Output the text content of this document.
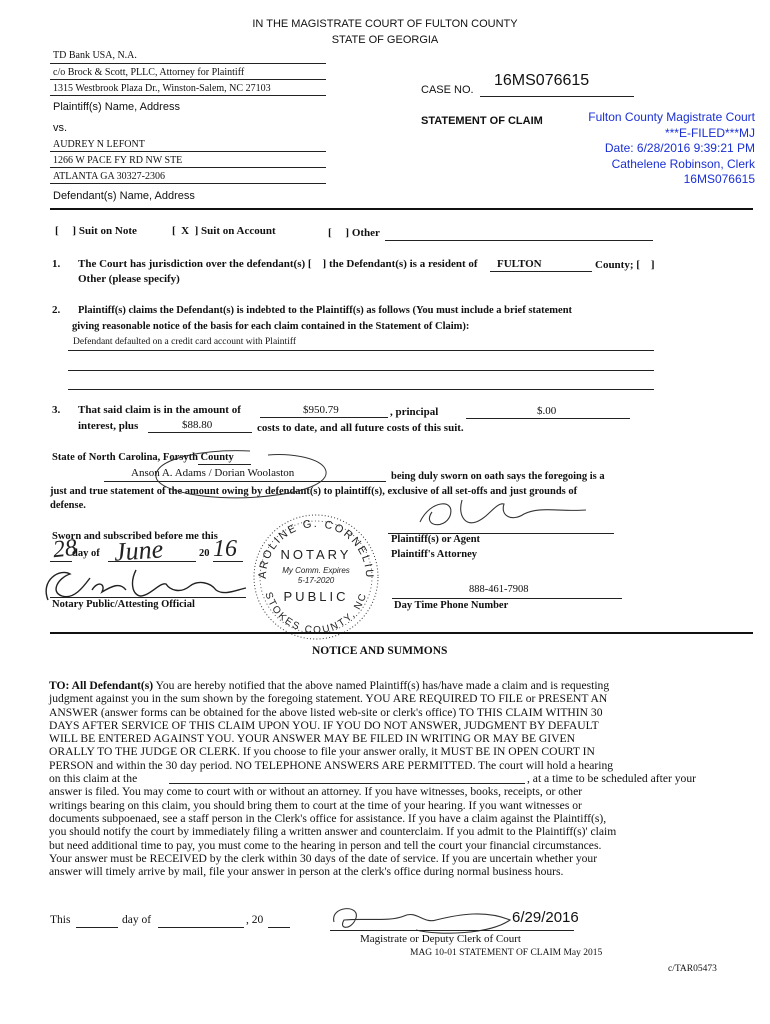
IN THE MAGISTRATE COURT OF FULTON COUNTY
STATE OF GEORGIA
TD Bank USA, N.A.
c/o Brock & Scott, PLLC, Attorney for Plaintiff
1315 Westbrook Plaza Dr., Winston-Salem, NC 27103
Plaintiff(s) Name, Address
vs.
AUDREY N LEFONT
1266 W PACE FY RD NW STE
ATLANTA GA 30327-2306
Defendant(s) Name, Address
CASE NO.
16MS076615
STATEMENT OF CLAIM	Fulton County Magistrate Court
***E-FILED***MJ
Date: 6/28/2016 9:39:21 PM
Cathelene Robinson, Clerk
16MS076615
[     ] Suit on Note	[  X  ] Suit on Account	[     ] Other
1. The Court has jurisdiction over the defendant(s) [    ] the Defendant(s) is a resident of FULTON	County; [    ]
Other (please specify)
2. Plaintiff(s) claims the Defendant(s) is indebted to the Plaintiff(s) as follows (You must include a brief statement
giving reasonable notice of the basis for each claim contained in the Statement of Claim):
Defendant defaulted on a credit card account with Plaintiff
3. That said claim is in the amount of	$950.79	, principal	$.00
interest, plus	$88.80	costs to date, and all future costs of this suit.
State of North Carolina, Forsyth County
Anson A. Adams / Dorian Woolaston	being duly sworn on oath says the foregoing is a
just and true statement of the amount owing by defendant(s) to plaintiff(s), exclusive of all set-offs and just grounds of
defense.
Sworn and subscribed before me this
day of	20
Notary Public/Attesting Official
28 June 16	Plaintiff(s) or Agent
Plaintiff's Attorney
888-461-7908
Day Time Phone Number
AROLINE G. CORNELIU
STOKES COUNTY, NC
NOTARY
My Comm. Expires
5-17-2020
PUBLIC
NOTICE AND SUMMONS

TO: All Defendant(s) You are hereby notified that the above named Plaintiff(s) has/have made a claim and is requesting

judgment against you in the sum shown by the foregoing statement. YOU ARE REQUIRED TO FILE or PRESENT AN

ANSWER (answer forms can be obtained for the above listed web-site or clerk's office) TO THIS CLAIM WITHIN 30

DAYS AFTER SERVICE OF THIS CLAIM UPON YOU. IF YOU DO NOT ANSWER, JUDGMENT BY DEFAULT

WILL BE ENTERED AGAINST YOU. YOUR ANSWER MAY BE FILED IN WRITING OR MAY BE GIVEN

ORALLY TO THE JUDGE OR CLERK. If you choose to file your answer orally, it MUST BE IN OPEN COURT IN

PERSON and within the 30 day period. NO TELEPHONE ANSWERS ARE PERMITTED. The court will hold a hearing

on this claim at the	, at a time to be scheduled after your

answer is filed. You may come to court with or without an attorney. If you have witnesses, books, receipts, or other

writings bearing on this claim, you should bring them to court at the time of your hearing. If you want witnesses or

documents subpoenaed, see a staff person in the Clerk's office for assistance. If you have a claim against the Plaintiff(s),

you should notify the court by immediately filing a written answer and counterclaim. If you admit to the Plaintiff(s)' claim

but need additional time to pay, you must come to the hearing in person and tell the court your financial circumstances.

Your answer must be RECEIVED by the clerk within 30 days of the date of service. If you are uncertain whether your

answer will timely arrive by mail, file your answer in person at the clerk's office during normal business hours.

This	day of	, 20	6/29/2016
Magistrate or Deputy Clerk of Court
MAG 10-01 STATEMENT OF CLAIM May 2015
c/TAR05473
